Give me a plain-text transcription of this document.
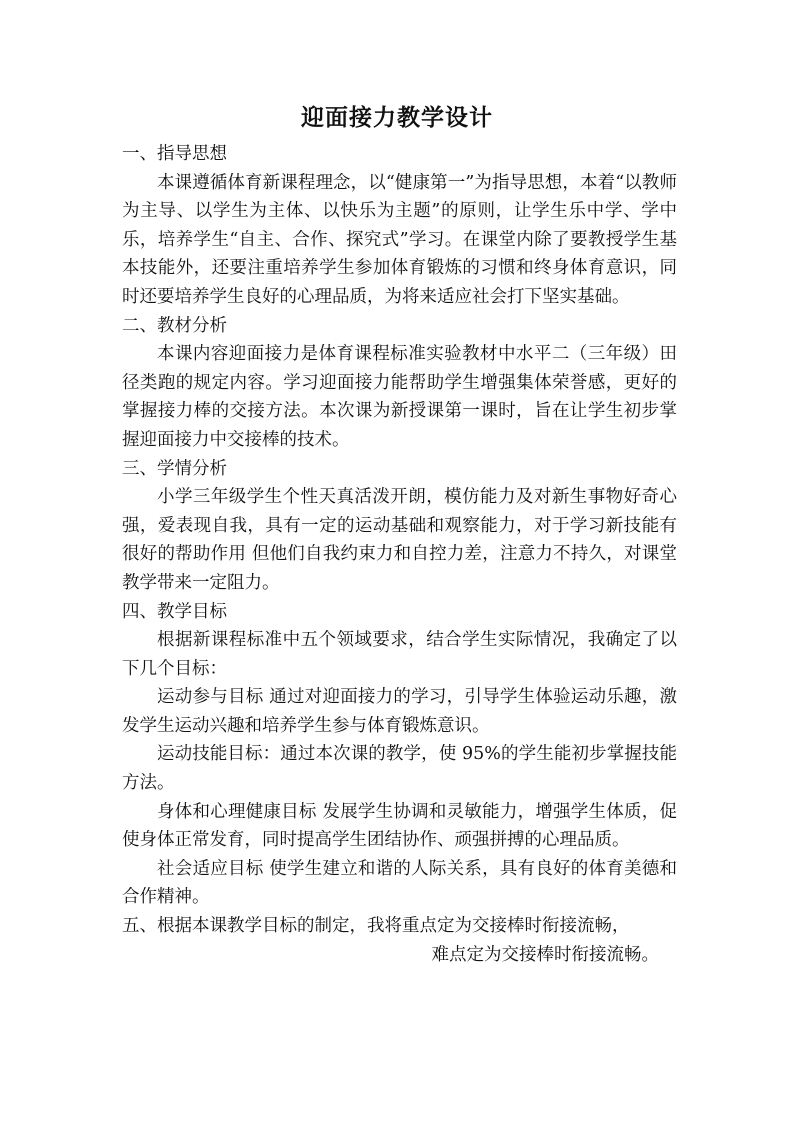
迎面接力教学设计

一、指导思想

本课遵循体育新课程理念，以“健康第一”为指导思想，本着“以教师为主导、以学生为主体、以快乐为主题”的原则，让学生乐中学、学中乐，培养学生“自主、合作、探究式”学习。在课堂内除了要教授学生基本技能外，还要注重培养学生参加体育锻炼的习惯和终身体育意识，同时还要培养学生良好的心理品质，为将来适应社会打下坚实基础。

二、教材分析

本课内容迎面接力是体育课程标准实验教材中水平二（三年级）田径类跑的规定内容。学习迎面接力能帮助学生增强集体荣誉感，更好的掌握接力棒的交接方法。本次课为新授课第一课时，旨在让学生初步掌握迎面接力中交接棒的技术。

三、学情分析

小学三年级学生个性天真活泼开朗，模仿能力及对新生事物好奇心强，爱表现自我，具有一定的运动基础和观察能力，对于学习新技能有很好的帮助作用 但他们自我约束力和自控力差，注意力不持久，对课堂教学带来一定阻力。

四、教学目标

根据新课程标准中五个领域要求，结合学生实际情况，我确定了以下几个目标：

运动参与目标 通过对迎面接力的学习，引导学生体验运动乐趣，激发学生运动兴趣和培养学生参与体育锻炼意识。

运动技能目标：通过本次课的教学，使 95%的学生能初步掌握技能方法。

身体和心理健康目标 发展学生协调和灵敏能力，增强学生体质，促使身体正常发育，同时提高学生团结协作、顽强拼搏的心理品质。

社会适应目标 使学生建立和谐的人际关系，具有良好的体育美德和合作精神。

五、根据本课教学目标的制定，我将重点定为交接棒时衔接流畅，
难点定为交接棒时衔接流畅。
